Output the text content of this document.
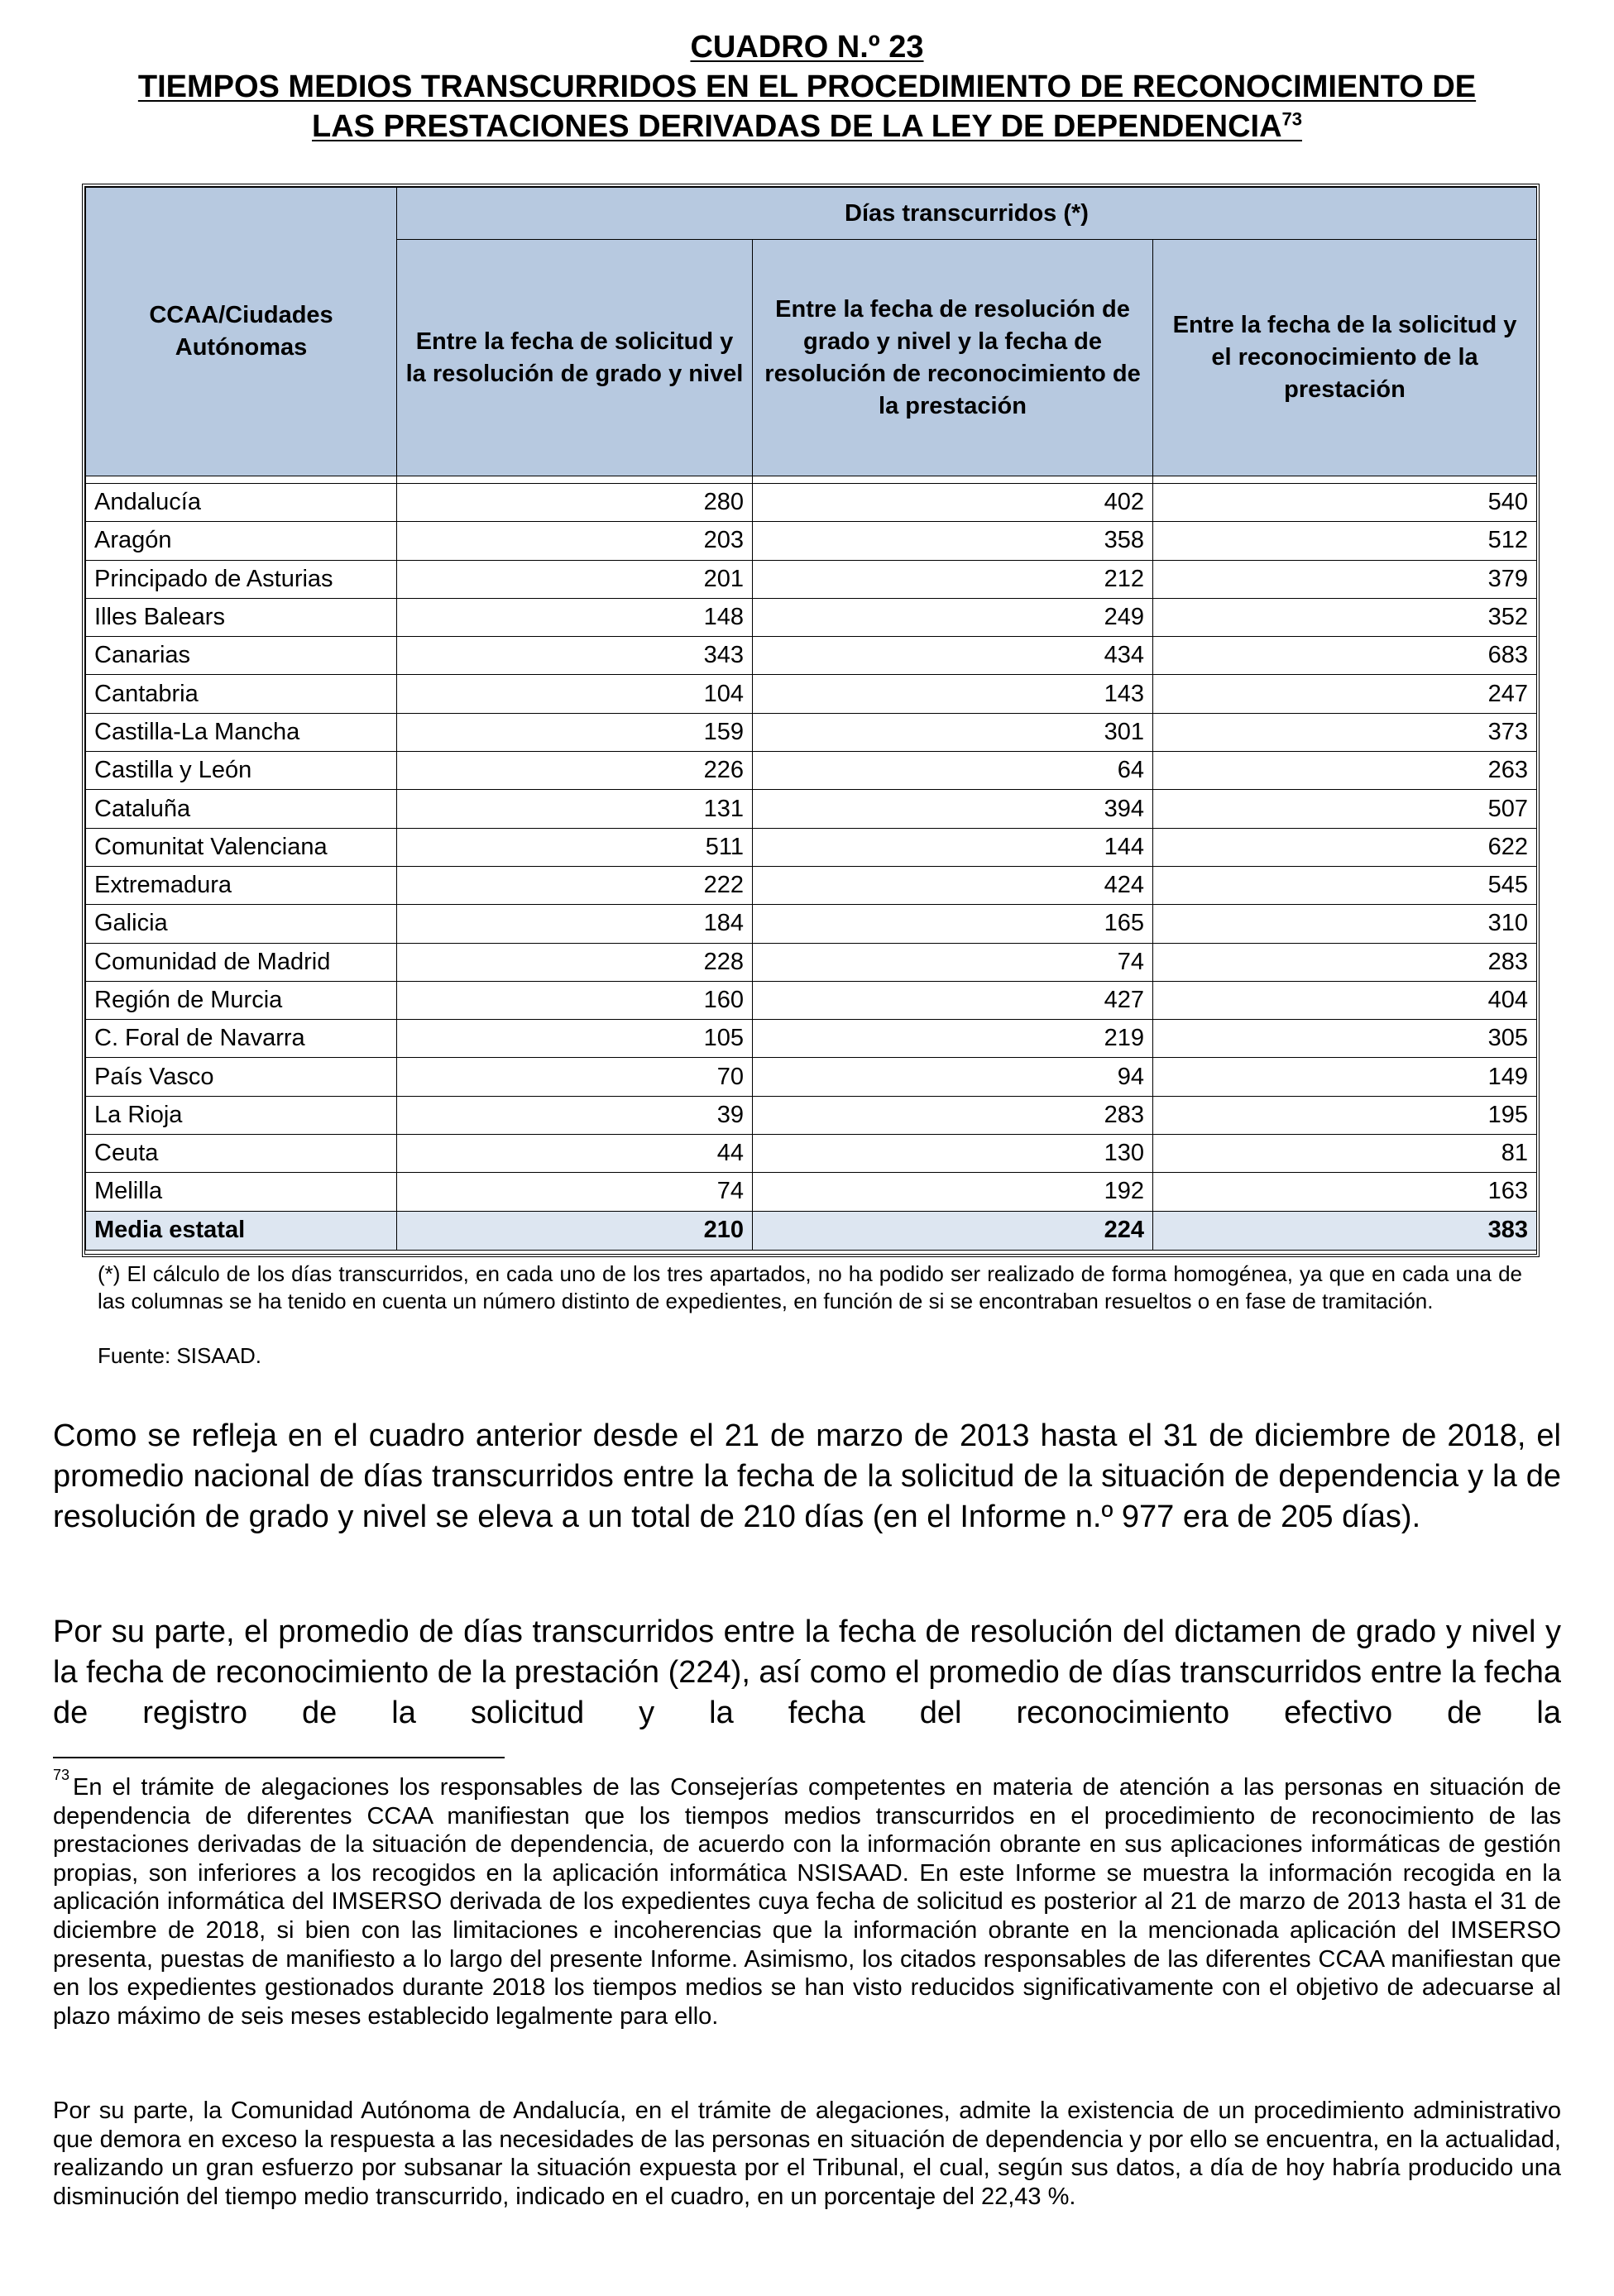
CUADRO N.º 23
TIEMPOS MEDIOS TRANSCURRIDOS EN EL PROCEDIMIENTO DE RECONOCIMIENTO DE
LAS PRESTACIONES DERIVADAS DE LA LEY DE DEPENDENCIA$^{73}$
CCAA/Ciudades Autónomas	Días transcurridos (*)		
	Entre la fecha de solicitud y la resolución de grado y nivel	Entre la fecha de resolución de grado y nivel y la fecha de resolución de reconocimiento de la prestación	Entre la fecha de la solicitud y el reconocimiento de la prestación

Andalucía	280	402	540
Aragón	203	358	512
Principado de Asturias	201	212	379
Illes Balears	148	249	352
Canarias	343	434	683
Cantabria	104	143	247
Castilla-La Mancha	159	301	373
Castilla y León	226	64	263
Cataluña	131	394	507
Comunitat Valenciana	511	144	622
Extremadura	222	424	545
Galicia	184	165	310
Comunidad de Madrid	228	74	283
Región de Murcia	160	427	404
C. Foral de Navarra	105	219	305
País Vasco	70	94	149
La Rioja	39	283	195
Ceuta	44	130	81
Melilla	74	192	163
Media estatal	210	224	383
(*) El cálculo de los días transcurridos, en cada uno de los tres apartados, no ha podido ser realizado de forma homogénea, ya que en cada una de las columnas se ha tenido en cuenta un número distinto de expedientes, en función de si se encontraban resueltos o en fase de tramitación.
Fuente: SISAAD.
Como se refleja en el cuadro anterior desde el 21 de marzo de 2013 hasta el 31 de diciembre de 2018, el promedio nacional de días transcurridos entre la fecha de la solicitud de la situación de dependencia y la de resolución de grado y nivel se eleva a un total de 210 días (en el Informe n.º 977 era de 205 días).
Por su parte, el promedio de días transcurridos entre la fecha de resolución del dictamen de grado y nivel y la fecha de reconocimiento de la prestación (224), así como el promedio de días transcurridos entre la fecha de registro de la solicitud y la fecha del reconocimiento efectivo de la
$^{73}$ En el trámite de alegaciones los responsables de las Consejerías competentes en materia de atención a las personas en situación de dependencia de diferentes CCAA manifiestan que los tiempos medios transcurridos en el procedimiento de reconocimiento de las prestaciones derivadas de la situación de dependencia, de acuerdo con la información obrante en sus aplicaciones informáticas de gestión propias, son inferiores a los recogidos en la aplicación informática NSISAAD. En este Informe se muestra la información recogida en la aplicación informática del IMSERSO derivada de los expedientes cuya fecha de solicitud es posterior al 21 de marzo de 2013 hasta el 31 de diciembre de 2018, si bien con las limitaciones e incoherencias que la información obrante en la mencionada aplicación del IMSERSO presenta, puestas de manifiesto a lo largo del presente Informe. Asimismo, los citados responsables de las diferentes CCAA manifiestan que en los expedientes gestionados durante 2018 los tiempos medios se han visto reducidos significativamente con el objetivo de adecuarse al plazo máximo de seis meses establecido legalmente para ello.
Por su parte, la Comunidad Autónoma de Andalucía, en el trámite de alegaciones, admite la existencia de un procedimiento administrativo que demora en exceso la respuesta a las necesidades de las personas en situación de dependencia y por ello se encuentra, en la actualidad, realizando un gran esfuerzo por subsanar la situación expuesta por el Tribunal, el cual, según sus datos, a día de hoy habría producido una disminución del tiempo medio transcurrido, indicado en el cuadro, en un porcentaje del 22,43 %.
